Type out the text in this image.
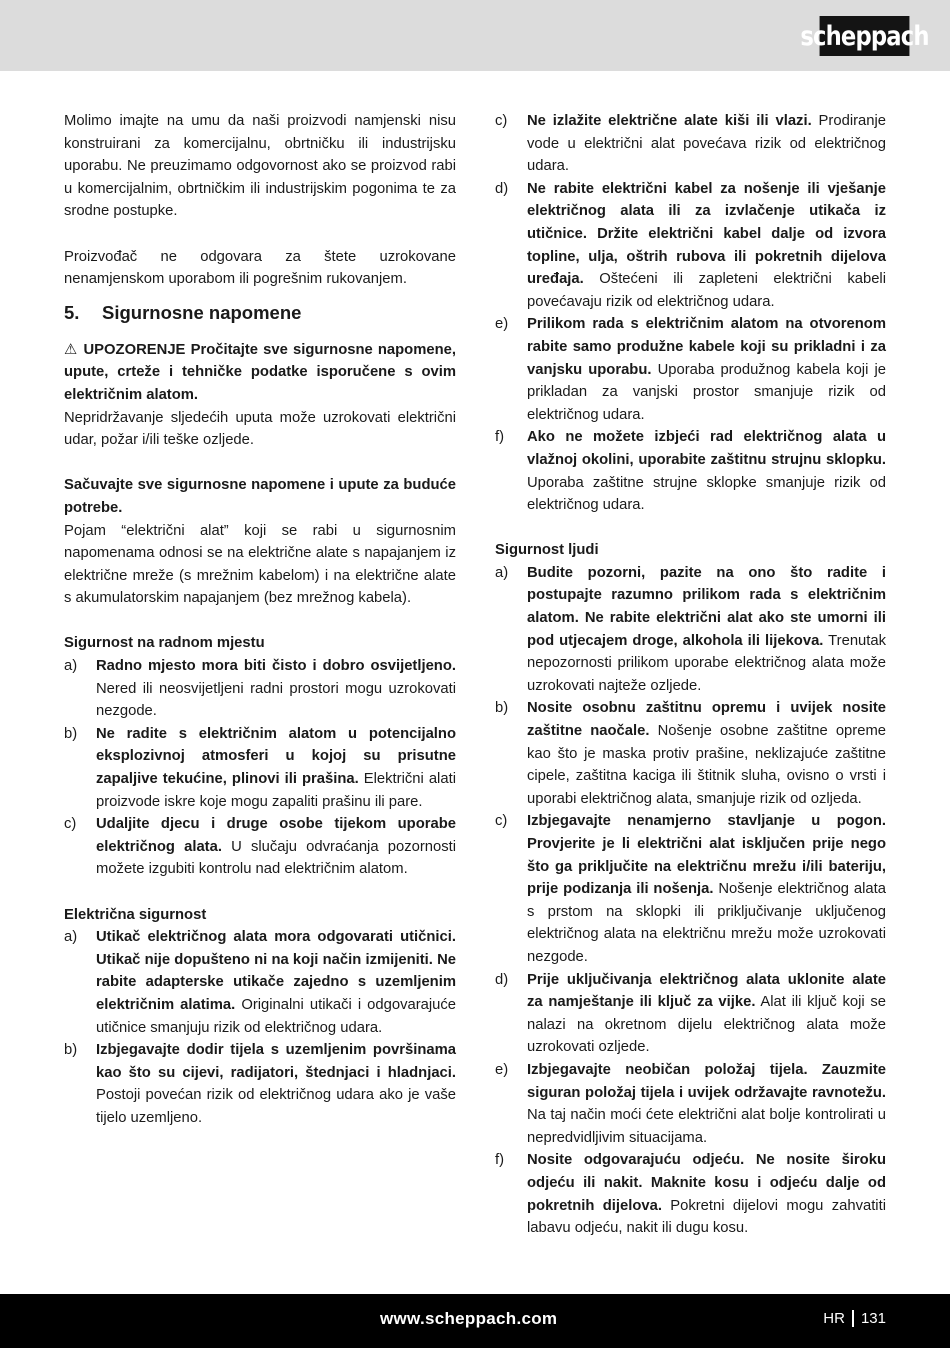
scheppach

Molimo imajte na umu da naši proizvodi namjenski nisu konstruirani za komercijalnu, obrtničku ili industrijsku uporabu. Ne preuzimamo odgovornost ako se proizvod rabi u komercijalnim, obrtničkim ili industrijskim pogonima te za srodne postupke.

Proizvođač ne odgovara za štete uzrokovane nenamjenskom uporabom ili pogrešnim rukovanjem.

5.	Sigurnosne napomene

⚠ UPOZORENJE Pročitajte sve sigurnosne napomene, upute, crteže i tehničke podatke isporučene s ovim električnim alatom.

Nepridržavanje sljedećih uputa može uzrokovati električni udar, požar i/ili teške ozljede.

Sačuvajte sve sigurnosne napomene i upute za buduće potrebe.

Pojam “električni alat” koji se rabi u sigurnosnim napomenama odnosi se na električne alate s napajanjem iz električne mreže (s mrežnim kabelom) i na električne alate s akumulatorskim napajanjem (bez mrežnog kabela).

Sigurnost na radnom mjestu

a)	Radno mjesto mora biti čisto i dobro osvijetljeno. Nered ili neosvijetljeni radni prostori mogu uzrokovati nezgode.
b)	Ne radite s električnim alatom u potencijalno eksplozivnoj atmosferi u kojoj su prisutne zapaljive tekućine, plinovi ili prašina. Električni alati proizvode iskre koje mogu zapaliti prašinu ili pare.
c)	Udaljite djecu i druge osobe tijekom uporabe električnog alata. U slučaju odvraćanja pozornosti možete izgubiti kontrolu nad električnim alatom.

Električna sigurnost

a)	Utikač električnog alata mora odgovarati utičnici. Utikač nije dopušteno ni na koji način izmijeniti. Ne rabite adapterske utikače zajedno s uzemljenim električnim alatima. Originalni utikači i odgovarajuće utičnice smanjuju rizik od električnog udara.
b)	Izbjegavajte dodir tijela s uzemljenim površinama kao što su cijevi, radijatori, štednjaci i hladnjaci. Postoji povećan rizik od električnog udara ako je vaše tijelo uzemljeno.
c)	Ne izlažite električne alate kiši ili vlazi. Prodiranje vode u električni alat povećava rizik od električnog udara.
d)	Ne rabite električni kabel za nošenje ili vješanje električnog alata ili za izvlačenje utikača iz utičnice. Držite električni kabel dalje od izvora topline, ulja, oštrih rubova ili pokretnih dijelova uređaja. Oštećeni ili zapleteni električni kabeli povećavaju rizik od električnog udara.
e)	Prilikom rada s električnim alatom na otvorenom rabite samo produžne kabele koji su prikladni i za vanjsku uporabu. Uporaba produžnog kabela koji je prikladan za vanjski prostor smanjuje rizik od električnog udara.
f)	Ako ne možete izbjeći rad električnog alata u vlažnoj okolini, uporabite zaštitnu strujnu sklopku. Uporaba zaštitne strujne sklopke smanjuje rizik od električnog udara.

Sigurnost ljudi

a)	Budite pozorni, pazite na ono što radite i postupajte razumno prilikom rada s električnim alatom. Ne rabite električni alat ako ste umorni ili pod utjecajem droge, alkohola ili lijekova. Trenutak nepozornosti prilikom uporabe električnog alata može uzrokovati najteže ozljede.
b)	Nosite osobnu zaštitnu opremu i uvijek nosite zaštitne naočale. Nošenje osobne zaštitne opreme kao što je maska protiv prašine, neklizajuće zaštitne cipele, zaštitna kaciga ili štitnik sluha, ovisno o vrsti i uporabi električnog alata, smanjuje rizik od ozljeda.
c)	Izbjegavajte nenamjerno stavljanje u pogon. Provjerite je li električni alat isključen prije nego što ga priključite na električnu mrežu i/ili bateriju, prije podizanja ili nošenja. Nošenje električnog alata s prstom na sklopki ili priključivanje uključenog električnog alata na električnu mrežu može uzrokovati nezgode.
d)	Prije uključivanja električnog alata uklonite alate za namještanje ili ključ za vijke. Alat ili ključ koji se nalazi na okretnom dijelu električnog alata može uzrokovati ozljede.
e)	Izbjegavajte neobičan položaj tijela. Zauzmite siguran položaj tijela i uvijek održavajte ravnotežu. Na taj način moći ćete električni alat bolje kontrolirati u nepredvidljivim situacijama.
f)	Nosite odgovarajuću odjeću. Ne nosite široku odjeću ili nakit. Maknite kosu i odjeću dalje od pokretnih dijelova. Pokretni dijelovi mogu zahvatiti labavu odjeću, nakit ili dugu kosu.
www.scheppach.com	HR 131
